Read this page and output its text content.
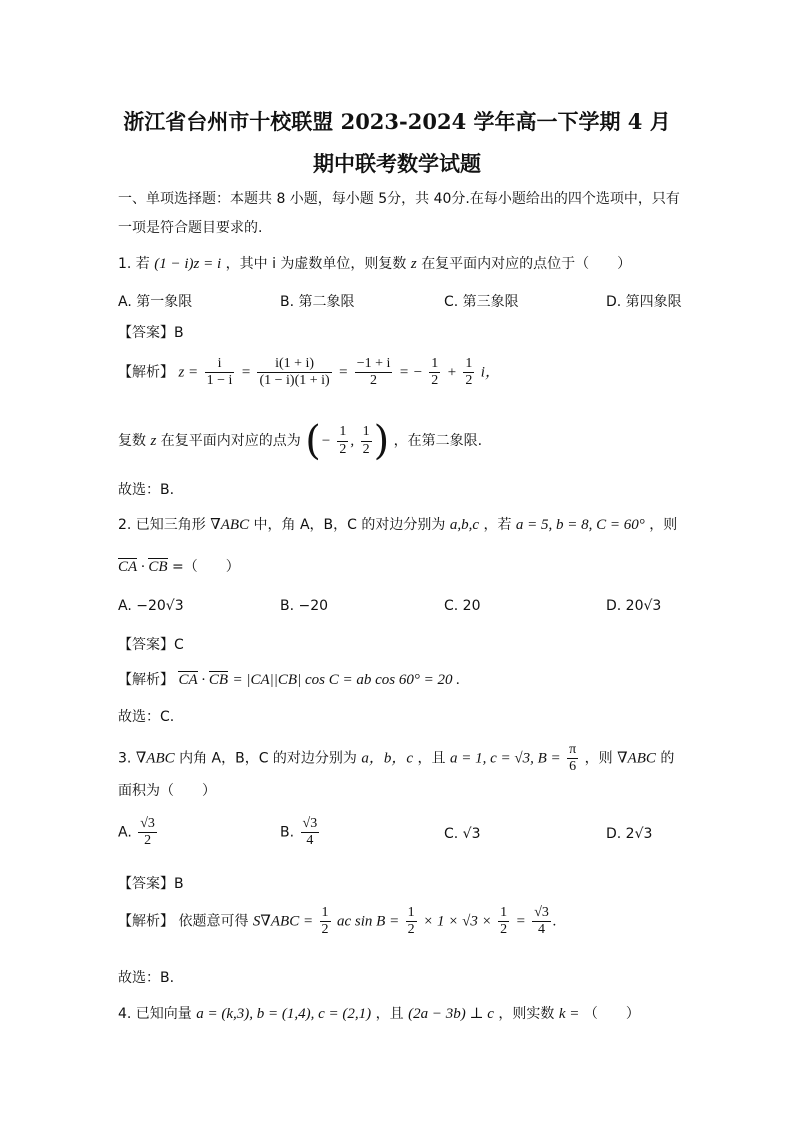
浙江省台州市十校联盟 2023-2024 学年高一下学期 4 月
期中联考数学试题
一、单项选择题：本题共 8 小题，每小题 5分，共 40分.在每小题给出的四个选项中，只有
一项是符合题目要求的.
1. 若 (1 − i)z = i ，其中 i 为虚数单位，则复数 z 在复平面内对应的点位于（　　）
A. 第一象限	B. 第二象限	C. 第三象限	D. 第四象限
【答案】B
【解析】 $z = \frac{i}{1 - i} = \frac{i(1 + i)}{(1 - i)(1 + i)} = \frac{-1 + i}{2}$ = − $\frac{1}{2} + \frac{1}{2}$ i，
复数 z 在复平面内对应的点为 (− $\frac{1}{2}$ , $\frac{1}{2}$ ) ，在第二象限.
故选：B.
2. 已知三角形 ∇ABC 中，角 A，B，C 的对边分别为 a,b,c ，若 a = 5, b = 8, C = 60° ，则
CA · CB =（　　）
A. −20√3	B. −20	C. 20	D. 20√3
【答案】C
【解析】 CA · CB = |CA||CB| cos C = ab cos 60° = 20 .
故选：C.
3. ∇ABC 内角 A，B，C 的对边分别为 a，b，c ，且 a = 1, c = √3, $B = \frac{\pi}{6}$ ，则 ∇ABC 的
面积为（　　）
A. $\frac{√3}{2}$	B. $\frac{√3}{4}$	C. √3	D. 2√3
【答案】B
【解析】 依题意可得 $S\nabla ABC = \frac{1}{2}$ ac $\sin B = \frac{1}{2} \times 1 \times √3 \times \frac{1}{2} = \frac{√3}{4}$ .
故选：B.
4. 已知向量 a = (k,3), b = (1,4), c = (2,1) ，且 (2a − 3b) ⊥ c ，则实数 k = （　　）
